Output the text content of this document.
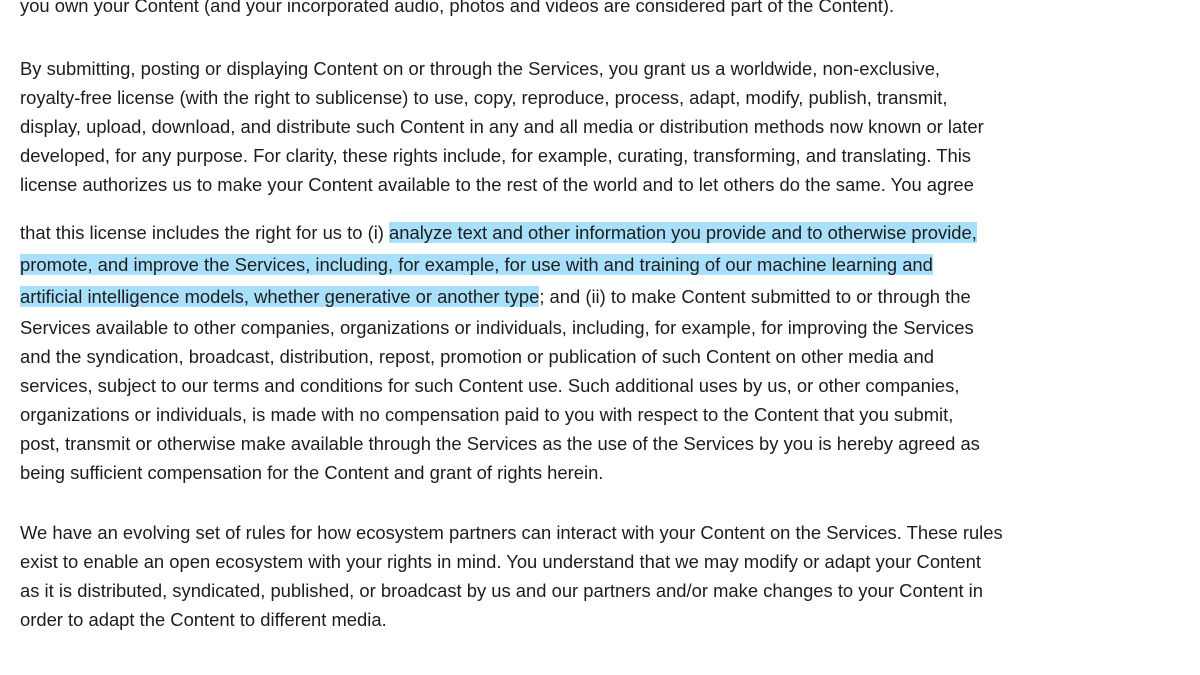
you own your Content (and your incorporated audio, photos and videos are considered part of the Content).
By submitting, posting or displaying Content on or through the Services, you grant us a worldwide, non-exclusive,
royalty-free license (with the right to sublicense) to use, copy, reproduce, process, adapt, modify, publish, transmit,
display, upload, download, and distribute such Content in any and all media or distribution methods now known or later
developed, for any purpose. For clarity, these rights include, for example, curating, transforming, and translating. This
license authorizes us to make your Content available to the rest of the world and to let others do the same. You agree
that this license includes the right for us to (i) analyze text and other information you provide and to otherwise provide,
promote, and improve the Services, including, for example, for use with and training of our machine learning and
artificial intelligence models, whether generative or another type; and (ii) to make Content submitted to or through the
Services available to other companies, organizations or individuals, including, for example, for improving the Services
and the syndication, broadcast, distribution, repost, promotion or publication of such Content on other media and
services, subject to our terms and conditions for such Content use. Such additional uses by us, or other companies,
organizations or individuals, is made with no compensation paid to you with respect to the Content that you submit,
post, transmit or otherwise make available through the Services as the use of the Services by you is hereby agreed as
being sufficient compensation for the Content and grant of rights herein.
We have an evolving set of rules for how ecosystem partners can interact with your Content on the Services. These rules
exist to enable an open ecosystem with your rights in mind. You understand that we may modify or adapt your Content
as it is distributed, syndicated, published, or broadcast by us and our partners and/or make changes to your Content in
order to adapt the Content to different media.
